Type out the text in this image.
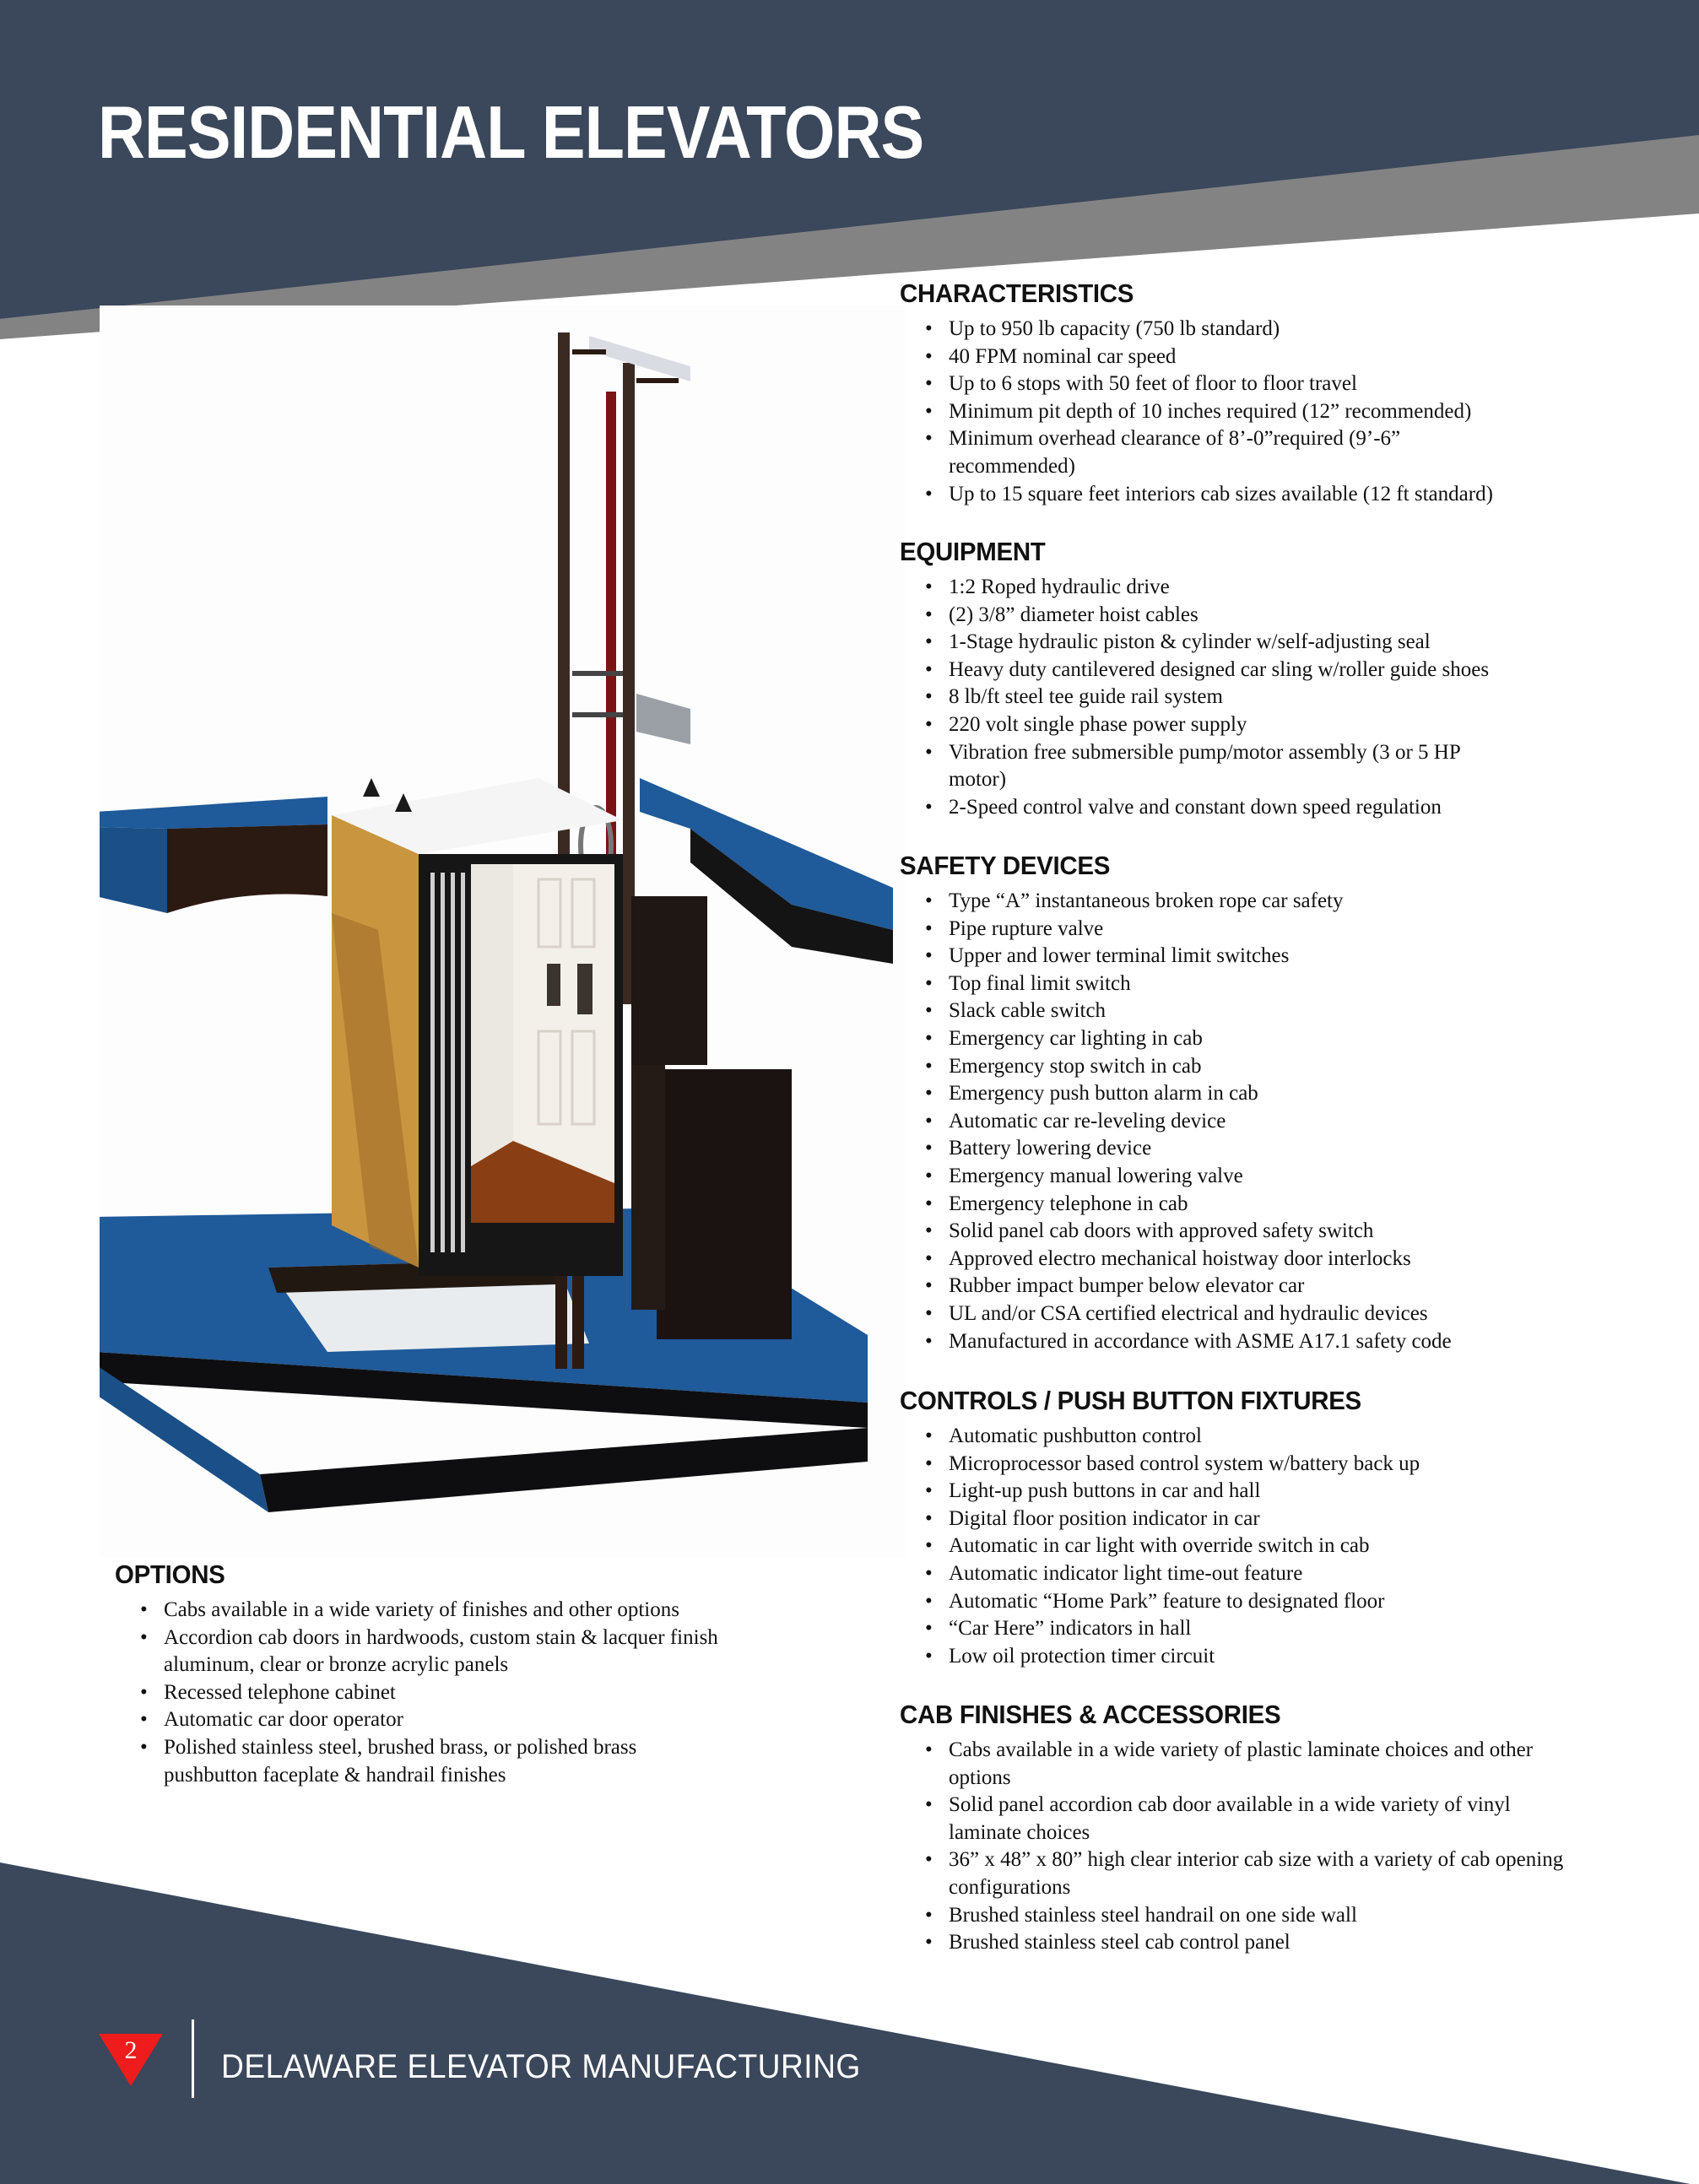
RESIDENTIAL ELEVATORS
CHARACTERISTICS
• Up to 950 lb capacity (750 lb standard)
• 40 FPM nominal car speed
• Up to 6 stops with 50 feet of floor to floor travel
• Minimum pit depth of 10 inches required (12” recommended)
• Minimum overhead clearance of 8’-0”required (9’-6” recommended)
• Up to 15 square feet interiors cab sizes available (12 ft standard)
EQUIPMENT
• 1:2 Roped hydraulic drive
• (2) 3/8” diameter hoist cables
• 1-Stage hydraulic piston & cylinder w/self-adjusting seal
• Heavy duty cantilevered designed car sling w/roller guide shoes
• 8 lb/ft steel tee guide rail system
• 220 volt single phase power supply
• Vibration free submersible pump/motor assembly (3 or 5 HP motor)
• 2-Speed control valve and constant down speed regulation
SAFETY DEVICES
• Type “A” instantaneous broken rope car safety
• Pipe rupture valve
• Upper and lower terminal limit switches
• Top final limit switch
• Slack cable switch
• Emergency car lighting in cab
• Emergency stop switch in cab
• Emergency push button alarm in cab
• Automatic car re-leveling device
• Battery lowering device
• Emergency manual lowering valve
• Emergency telephone in cab
• Solid panel cab doors with approved safety switch
• Approved electro mechanical hoistway door interlocks
• Rubber impact bumper below elevator car
• UL and/or CSA certified electrical and hydraulic devices
• Manufactured in accordance with ASME A17.1 safety code
CONTROLS / PUSH BUTTON FIXTURES
• Automatic pushbutton control
• Microprocessor based control system w/battery back up
• Light-up push buttons in car and hall
• Digital floor position indicator in car
• Automatic in car light with override switch in cab
• Automatic indicator light time-out feature
• Automatic “Home Park” feature to designated floor
• “Car Here” indicators in hall
• Low oil protection timer circuit
CAB FINISHES & ACCESSORIES
• Cabs available in a wide variety of plastic laminate choices and other options
• Solid panel accordion cab door available in a wide variety of vinyl laminate choices
• 36” x 48” x 80” high clear interior cab size with a variety of cab opening configurations
• Brushed stainless steel handrail on one side wall
• Brushed stainless steel cab control panel
OPTIONS
• Cabs available in a wide variety of finishes and other options
• Accordion cab doors in hardwoods, custom stain & lacquer finish aluminum, clear or bronze acrylic panels
• Recessed telephone cabinet
• Automatic car door operator
• Polished stainless steel, brushed brass, or polished brass pushbutton faceplate & handrail finishes
2	DELAWARE ELEVATOR MANUFACTURING
